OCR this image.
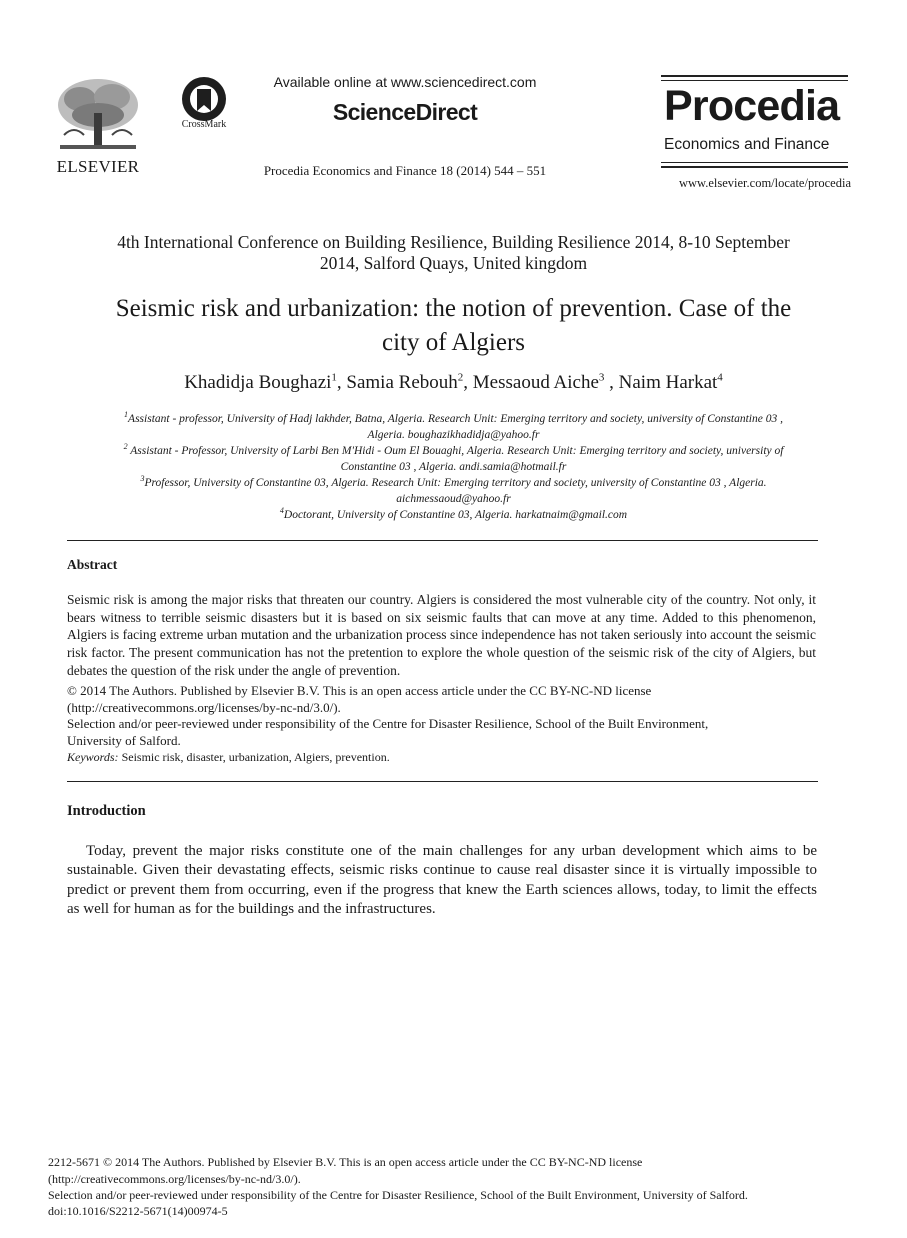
ELSEVIER
CrossMark
Available online at www.sciencedirect.com
ScienceDirect
Procedia Economics and Finance 18 (2014) 544 – 551
Procedia
Economics and Finance
www.elsevier.com/locate/procedia
4th International Conference on Building Resilience, Building Resilience 2014, 8-10 September
2014, Salford Quays, United kingdom
Seismic risk and urbanization: the notion of prevention. Case of the
city of Algiers
Khadidja Boughazi$^1$, Samia Rebouh$^2$, Messaoud Aiche$^3$ , Naim Harkat$^4$
$^1$Assistant - professor, University of Hadj lakhder, Batna, Algeria. Research Unit: Emerging territory and society, university of Constantine 03 ,
Algeria. boughazikhadidja@yahoo.fr
$^2$ Assistant - Professor, University of Larbi Ben M'Hidi - Oum El Bouaghi, Algeria. Research Unit: Emerging territory and society, university of
Constantine 03 , Algeria. andi.samia@hotmail.fr
$^3$Professor, University of Constantine 03, Algeria. Research Unit: Emerging territory and society, university of Constantine 03 , Algeria.
aichmessaoud@yahoo.fr
$^4$Doctorant, University of Constantine 03, Algeria. harkatnaim@gmail.com
Abstract
Seismic risk is among the major risks that threaten our country. Algiers is considered the most vulnerable city of the country. Not only, it bears witness to terrible seismic disasters but it is based on six seismic faults that can move at any time. Added to this phenomenon, Algiers is facing extreme urban mutation and the urbanization process since independence has not taken seriously into account the seismic risk factor. The present communication has not the pretention to explore the whole question of the seismic risk of the city of Algiers, but debates the question of the risk under the angle of prevention.
© 2014 The Authors. Published by Elsevier B.V. This is an open access article under the CC BY-NC-ND license
(http://creativecommons.org/licenses/by-nc-nd/3.0/).
Selection and/or peer-reviewed under responsibility of the Centre for Disaster Resilience, School of the Built Environment,
University of Salford.
Keywords: Seismic risk, disaster, urbanization, Algiers, prevention.
Introduction
Today, prevent the major risks constitute one of the main challenges for any urban development which aims to be sustainable. Given their devastating effects, seismic risks continue to cause real disaster since it is virtually impossible to predict or prevent them from occurring, even if the progress that knew the Earth sciences allows, today, to limit the effects as well for human as for the buildings and the infrastructures.
2212-5671 © 2014 The Authors. Published by Elsevier B.V. This is an open access article under the CC BY-NC-ND license
(http://creativecommons.org/licenses/by-nc-nd/3.0/).
Selection and/or peer-reviewed under responsibility of the Centre for Disaster Resilience, School of the Built Environment, University of Salford.
doi:10.1016/S2212-5671(14)00974-5
